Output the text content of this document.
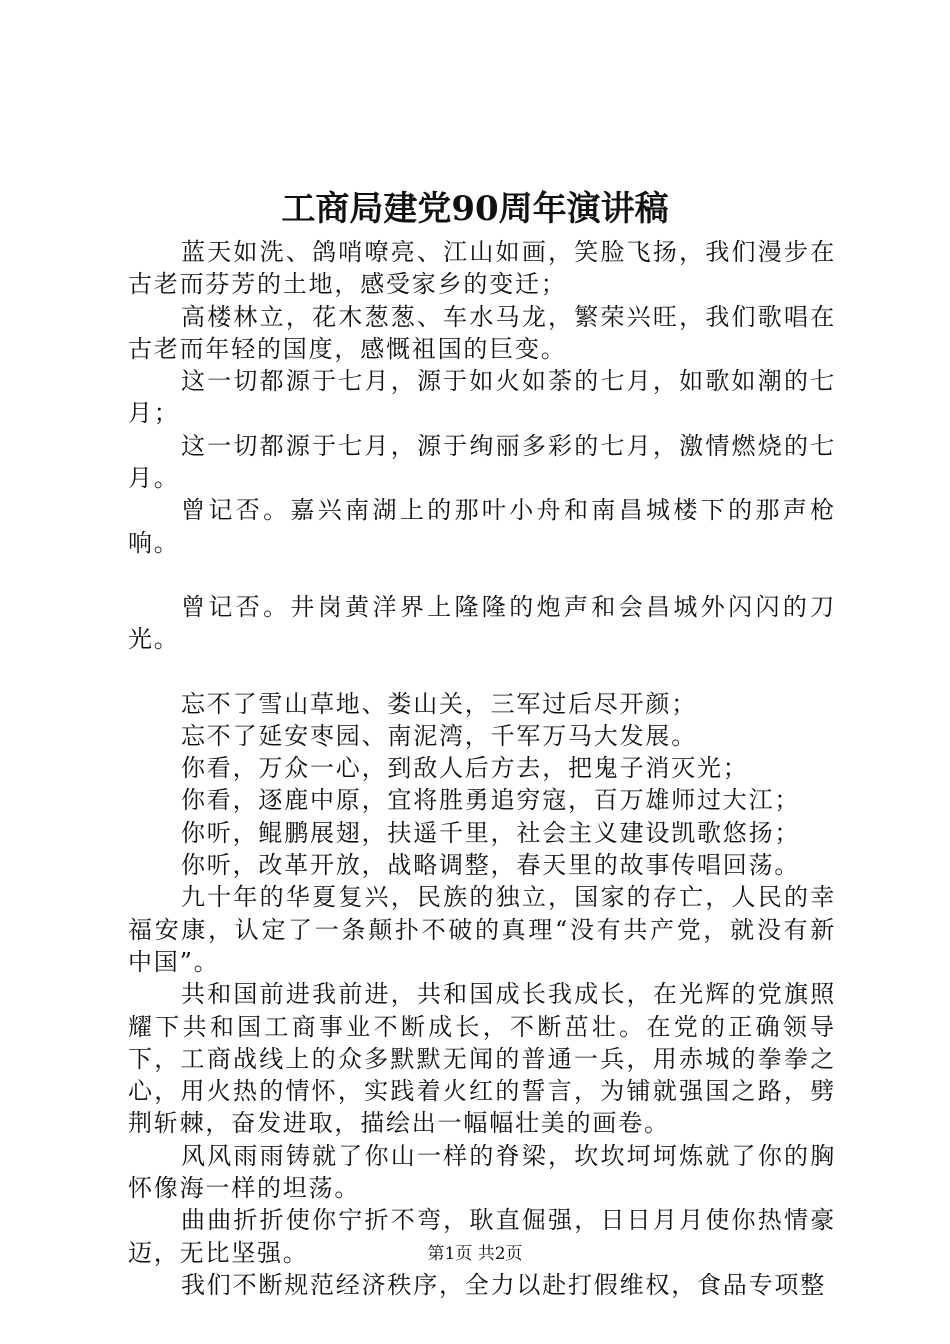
工商局建党90周年演讲稿

蓝天如洗、鸽哨嘹亮、江山如画，笑脸飞扬，我们漫步在古老而芬芳的土地，感受家乡的变迁；

高楼林立，花木葱葱、车水马龙，繁荣兴旺，我们歌唱在古老而年轻的国度，感慨祖国的巨变。

这一切都源于七月，源于如火如荼的七月，如歌如潮的七月；

这一切都源于七月，源于绚丽多彩的七月，激情燃烧的七月。

曾记否。嘉兴南湖上的那叶小舟和南昌城楼下的那声枪响。

曾记否。井岗黄洋界上隆隆的炮声和会昌城外闪闪的刀光。

忘不了雪山草地、娄山关，三军过后尽开颜；

忘不了延安枣园、南泥湾，千军万马大发展。

你看，万众一心，到敌人后方去，把鬼子消灭光；

你看，逐鹿中原，宜将胜勇追穷寇，百万雄师过大江；

你听，鲲鹏展翅，扶遥千里，社会主义建设凯歌悠扬；

你听，改革开放，战略调整，春天里的故事传唱回荡。

九十年的华夏复兴，民族的独立，国家的存亡，人民的幸福安康，认定了一条颠扑不破的真理“没有共产党，就没有新中国”。

共和国前进我前进，共和国成长我成长，在光辉的党旗照耀下共和国工商事业不断成长，不断茁壮。在党的正确领导下，工商战线上的众多默默无闻的普通一兵，用赤城的拳拳之心，用火热的情怀，实践着火红的誓言，为铺就强国之路，劈荆斩棘，奋发进取，描绘出一幅幅壮美的画卷。

风风雨雨铸就了你山一样的脊梁，坎坎坷坷炼就了你的胸怀像海一样的坦荡。

曲曲折折使你宁折不弯，耿直倔强，日日月月使你热情豪迈，无比坚强。

我们不断规范经济秩序，全力以赴打假维权，食品专项整

第1页 共2页
